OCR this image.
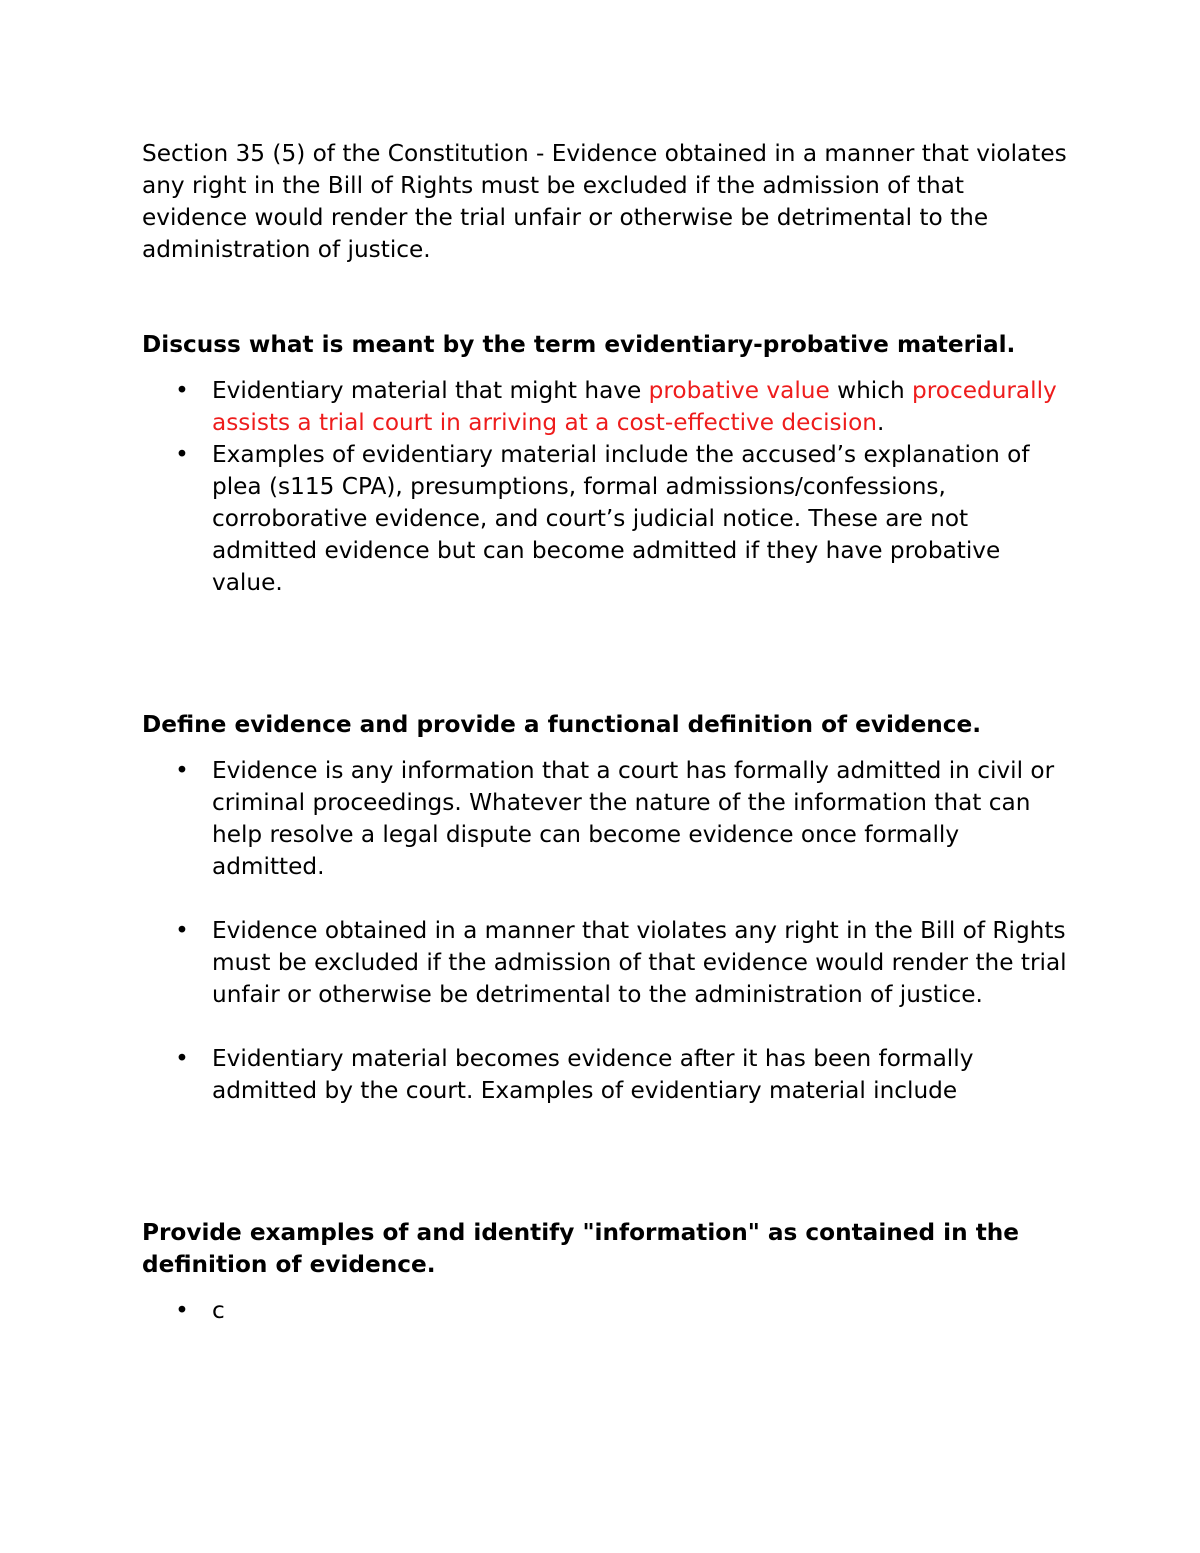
Section 35 (5) of the Constitution - Evidence obtained in a manner that violates any right in the Bill of Rights must be excluded if the admission of that evidence would render the trial unfair or otherwise be detrimental to the administration of justice.

Discuss what is meant by the term evidentiary-probative material.

• Evidentiary material that might have probative value which procedurally assists a trial court in arriving at a cost-effective decision.
• Examples of evidentiary material include the accused’s explanation of plea (s115 CPA), presumptions, formal admissions/confessions, corroborative evidence, and court’s judicial notice. These are not admitted evidence but can become admitted if they have probative value.

Define evidence and provide a functional definition of evidence.

• Evidence is any information that a court has formally admitted in civil or criminal proceedings. Whatever the nature of the information that can help resolve a legal dispute can become evidence once formally admitted.
• Evidence obtained in a manner that violates any right in the Bill of Rights must be excluded if the admission of that evidence would render the trial unfair or otherwise be detrimental to the administration of justice.
• Evidentiary material becomes evidence after it has been formally admitted by the court. Examples of evidentiary material include

Provide examples of and identify "information" as contained in the definition of evidence.

• c
